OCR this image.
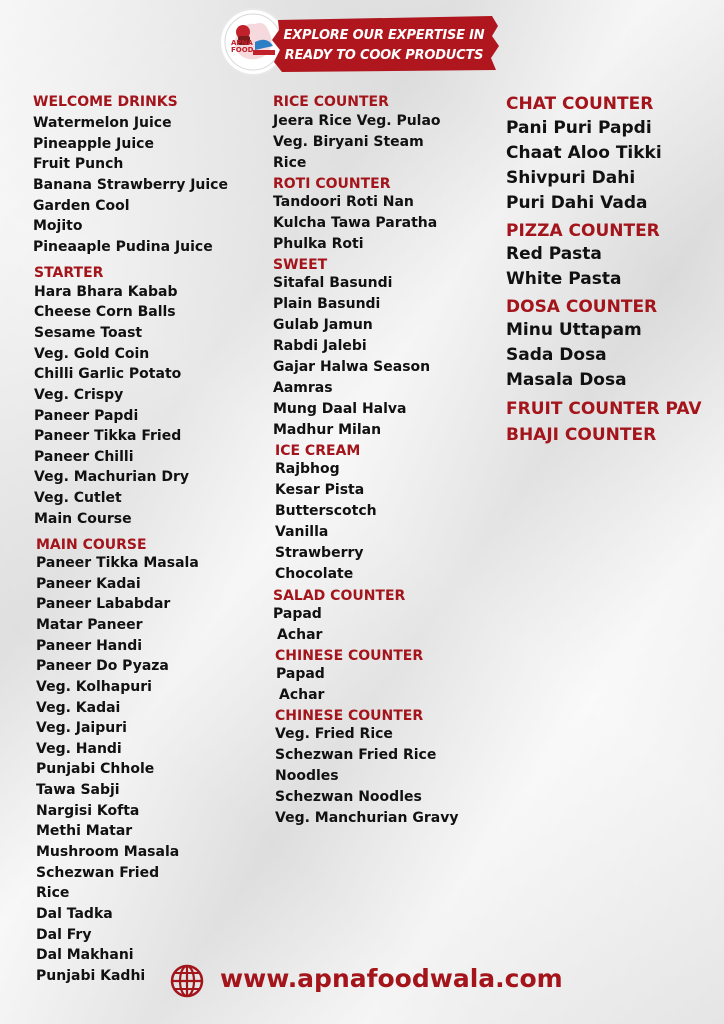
APNA FOOD
EXPLORE OUR EXPERTISE IN
READY TO COOK PRODUCTS
WELCOME DRINKS
Watermelon Juice
Pineapple Juice
Fruit Punch
Banana Strawberry Juice
Garden Cool
Mojito
Pineaaple Pudina Juice
STARTER
Hara Bhara Kabab
Cheese Corn Balls
Sesame Toast
Veg. Gold Coin
Chilli Garlic Potato
Veg. Crispy
Paneer Papdi
Paneer Tikka Fried
Paneer Chilli
Veg. Machurian Dry
Veg. Cutlet
Main Course
MAIN COURSE
Paneer Tikka Masala
Paneer Kadai
Paneer Lababdar
Matar Paneer
Paneer Handi
Paneer Do Pyaza
Veg. Kolhapuri
Veg. Kadai
Veg. Jaipuri
Veg. Handi
Punjabi Chhole
Tawa Sabji
Nargisi Kofta
Methi Matar
Mushroom Masala
Schezwan Fried
Rice
Dal Tadka
Dal Fry
Dal Makhani
Punjabi Kadhi
RICE COUNTER
Jeera Rice Veg. Pulao
Veg. Biryani Steam
Rice
ROTI COUNTER
Tandoori Roti Nan
Kulcha Tawa Paratha
Phulka Roti
SWEET
Sitafal Basundi
Plain Basundi
Gulab Jamun
Rabdi Jalebi
Gajar Halwa Season
Aamras
Mung Daal Halva
Madhur Milan
ICE CREAM
Rajbhog
Kesar Pista
Butterscotch
Vanilla
Strawberry
Chocolate
SALAD COUNTER
Papad
Achar
CHINESE COUNTER
Papad
Achar
CHINESE COUNTER
Veg. Fried Rice
Schezwan Fried Rice
Noodles
Schezwan Noodles
Veg. Manchurian Gravy
CHAT COUNTER
Pani Puri Papdi
Chaat Aloo Tikki
Shivpuri Dahi
Puri Dahi Vada
PIZZA COUNTER
Red Pasta
White Pasta
DOSA COUNTER
Minu Uttapam
Sada Dosa
Masala Dosa
FRUIT COUNTER PAV
BHAJI COUNTER
www.apnafoodwala.com
